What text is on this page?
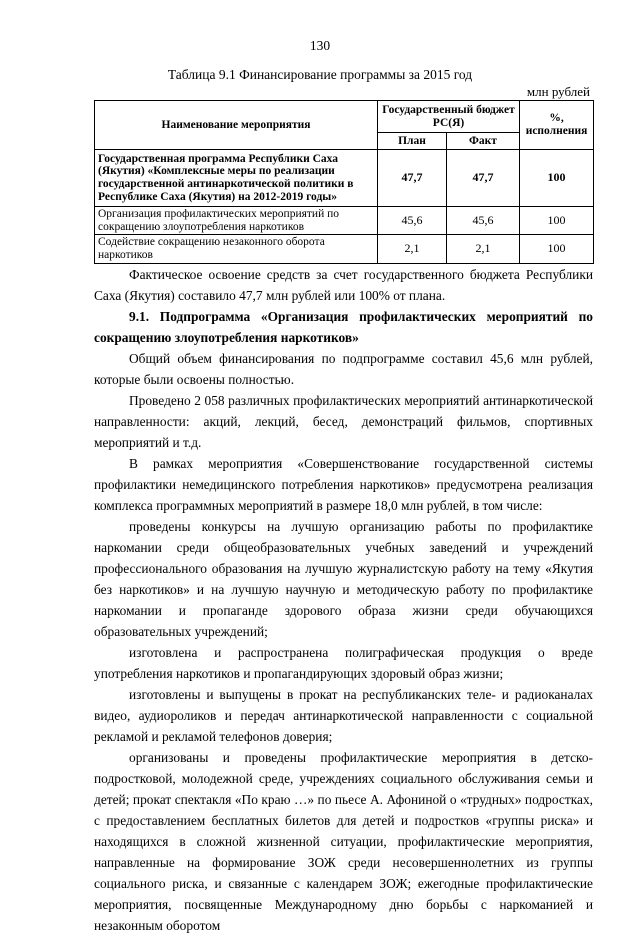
130
Таблица 9.1 Финансирование программы за 2015 год
млн рублей
Наименование мероприятия	Государственный бюджет РС(Я)		%, исполнения
	План	Факт	
Государственная программа Республики Саха (Якутия) «Комплексные меры по реализации государственной антинаркотической политики в Республике Саха (Якутия) на 2012-2019 годы»	47,7	47,7	100
Организация профилактических мероприятий по сокращению злоупотребления наркотиков	45,6	45,6	100
Содействие сокращению незаконного оборота наркотиков	2,1	2,1	100

Фактическое освоение средств за счет государственного бюджета Республики Саха (Якутия) составило 47,7 млн рублей или 100% от плана.

9.1. Подпрограмма «Организация профилактических мероприятий по сокращению злоупотребления наркотиков»

Общий объем финансирования по подпрограмме составил 45,6 млн рублей, которые были освоены полностью.

Проведено 2 058 различных профилактических мероприятий антинаркотической направленности: акций, лекций, бесед, демонстраций фильмов, спортивных мероприятий и т.д.

В рамках мероприятия «Совершенствование государственной системы профилактики немедицинского потребления наркотиков» предусмотрена реализация комплекса программных мероприятий в размере 18,0 млн рублей, в том числе:

проведены конкурсы на лучшую организацию работы по профилактике наркомании среди общеобразовательных учебных заведений и учреждений профессионального образования на лучшую журналистскую работу на тему «Якутия без наркотиков» и на лучшую научную и методическую работу по профилактике наркомании и пропаганде здорового образа жизни среди обучающихся образовательных учреждений;

изготовлена и распространена полиграфическая продукция о вреде употребления наркотиков и пропагандирующих здоровый образ жизни;

изготовлены и выпущены в прокат на республиканских теле- и радиоканалах видео, аудиороликов и передач антинаркотической направленности с социальной рекламой и рекламой телефонов доверия;

организованы и проведены профилактические мероприятия в детско-подростковой, молодежной среде, учреждениях социального обслуживания семьи и детей; прокат спектакля «По краю …» по пьесе А. Афониной о «трудных» подростках, с предоставлением бесплатных билетов для детей и подростков «группы риска» и находящихся в сложной жизненной ситуации, профилактические мероприятия, направленные на формирование ЗОЖ среди несовершеннолетних из группы социального риска, и связанные с календарем ЗОЖ; ежегодные профилактические мероприятия, посвященные Международному дню борьбы с наркоманией и незаконным оборотом
